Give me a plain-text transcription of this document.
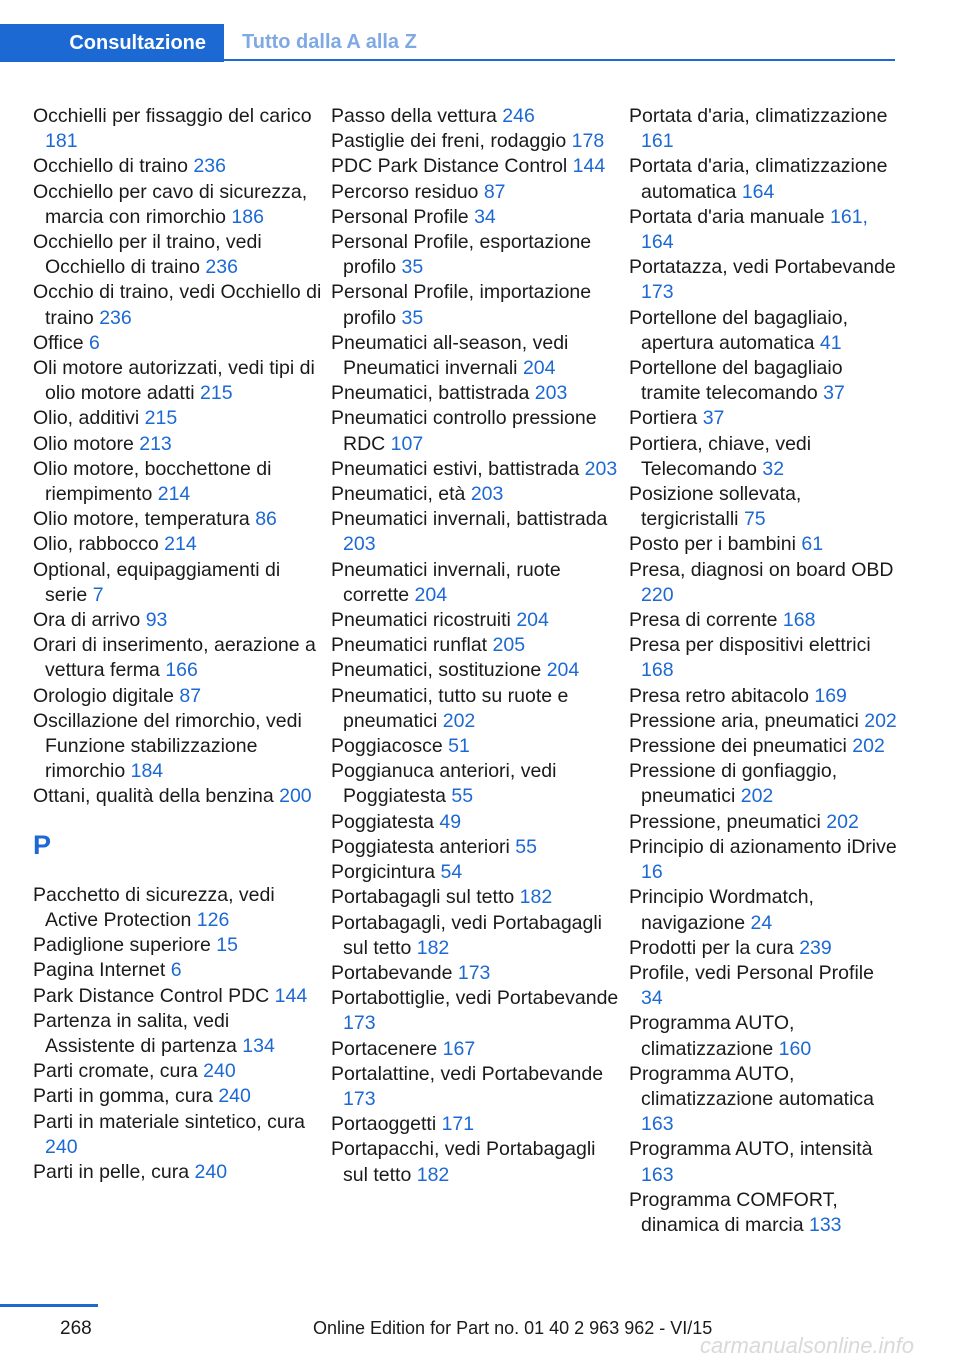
Consultazione Tutto dalla A alla Z
Occhielli per fissaggio del carico 181
Occhiello di traino 236
Occhiello per cavo di sicurezza, marcia con rimorchio 186
Occhiello per il traino, vedi Occhiello di traino 236
Occhio di traino, vedi Occhiello di traino 236
Office 6
Oli motore autorizzati, vedi tipi di olio motore adatti 215
Olio, additivi 215
Olio motore 213
Olio motore, bocchettone di riempimento 214
Olio motore, temperatura 86
Olio, rabbocco 214
Optional, equipaggiamenti di serie 7
Ora di arrivo 93
Orari di inserimento, aerazione a vettura ferma 166
Orologio digitale 87
Oscillazione del rimorchio, vedi Funzione stabilizzazione rimorchio 184
Ottani, qualità della benzina 200
P
Pacchetto di sicurezza, vedi Active Protection 126
Padiglione superiore 15
Pagina Internet 6
Park Distance Control PDC 144
Partenza in salita, vedi Assistente di partenza 134
Parti cromate, cura 240
Parti in gomma, cura 240
Parti in materiale sintetico, cura 240
Parti in pelle, cura 240
Passo della vettura 246
Pastiglie dei freni, rodaggio 178
PDC Park Distance Control 144
Percorso residuo 87
Personal Profile 34
Personal Profile, esportazione profilo 35
Personal Profile, importazione profilo 35
Pneumatici all-season, vedi Pneumatici invernali 204
Pneumatici, battistrada 203
Pneumatici controllo pressione RDC 107
Pneumatici estivi, battistrada 203
Pneumatici, età 203
Pneumatici invernali, battistrada 203
Pneumatici invernali, ruote corrette 204
Pneumatici ricostruiti 204
Pneumatici runflat 205
Pneumatici, sostituzione 204
Pneumatici, tutto su ruote e pneumatici 202
Poggiacosce 51
Poggianuca anteriori, vedi Poggiatesta 55
Poggiatesta 49
Poggiatesta anteriori 55
Porgicintura 54
Portabagagli sul tetto 182
Portabagagli, vedi Portabagagli sul tetto 182
Portabevande 173
Portabottiglie, vedi Portabevande 173
Portacenere 167
Portalattine, vedi Portabevande 173
Portaoggetti 171
Portapacchi, vedi Portabagagli sul tetto 182
Portata d'aria, climatizzazione 161
Portata d'aria, climatizzazione automatica 164
Portata d'aria manuale 161, 164
Portatazza, vedi Portabevande 173
Portellone del bagagliaio, apertura automatica 41
Portellone del bagagliaio tramite telecomando 37
Portiera 37
Portiera, chiave, vedi Telecomando 32
Posizione sollevata, tergicristalli 75
Posto per i bambini 61
Presa, diagnosi on board OBD 220
Presa di corrente 168
Presa per dispositivi elettrici 168
Presa retro abitacolo 169
Pressione aria, pneumatici 202
Pressione dei pneumatici 202
Pressione di gonfiaggio, pneumatici 202
Pressione, pneumatici 202
Principio di azionamento iDrive 16
Principio Wordmatch, navigazione 24
Prodotti per la cura 239
Profile, vedi Personal Profile 34
Programma AUTO, climatizzazione 160
Programma AUTO, climatizzazione automatica 163
Programma AUTO, intensità 163
Programma COMFORT, dinamica di marcia 133
268	Online Edition for Part no. 01 40 2 963 962 - VI/15
carmanualsonline.info
